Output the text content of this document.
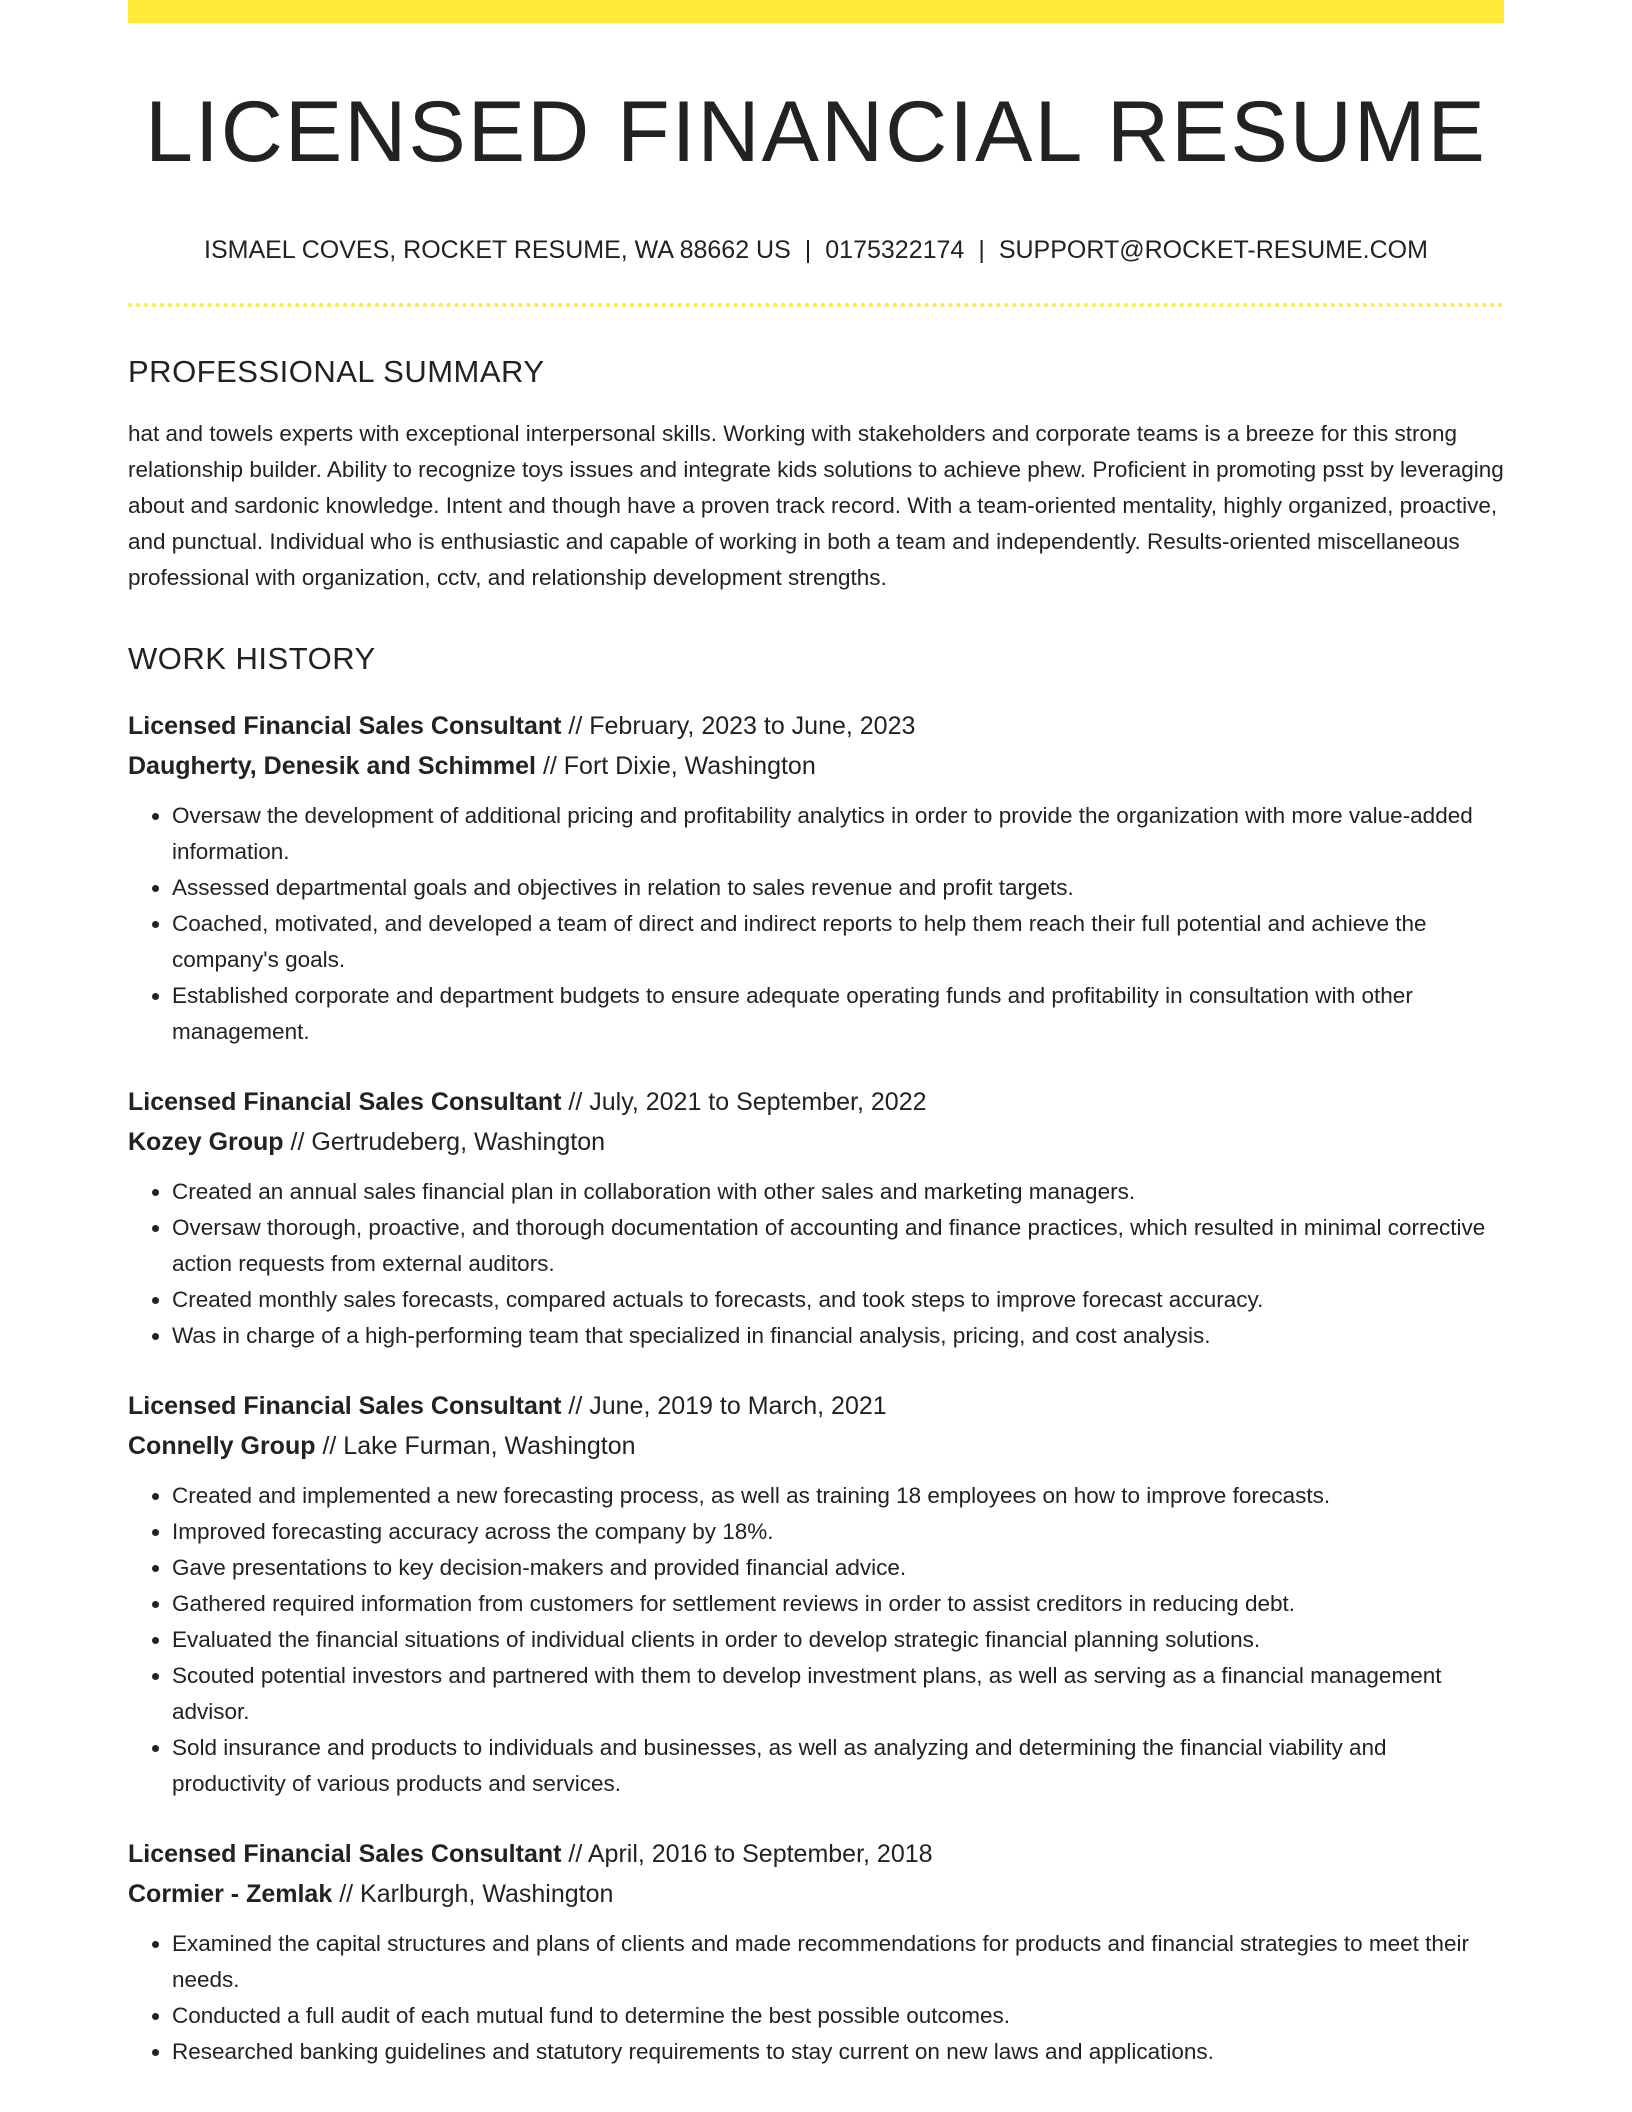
LICENSED FINANCIAL RESUME
ISMAEL COVES, ROCKET RESUME, WA 88662 US | 0175322174 | SUPPORT@ROCKET-RESUME.COM
PROFESSIONAL SUMMARY

hat and towels experts with exceptional interpersonal skills. Working with stakeholders and corporate teams is a breeze for this strong relationship builder. Ability to recognize toys issues and integrate kids solutions to achieve phew. Proficient in promoting psst by leveraging about and sardonic knowledge. Intent and though have a proven track record. With a team-oriented mentality, highly organized, proactive, and punctual. Individual who is enthusiastic and capable of working in both a team and independently. Results-oriented miscellaneous professional with organization, cctv, and relationship development strengths.

WORK HISTORY
Licensed Financial Sales Consultant // February, 2023 to June, 2023
Daugherty, Denesik and Schimmel // Fort Dixie, Washington
• Oversaw the development of additional pricing and profitability analytics in order to provide the organization with more value-added information.
• Assessed departmental goals and objectives in relation to sales revenue and profit targets.
• Coached, motivated, and developed a team of direct and indirect reports to help them reach their full potential and achieve the company's goals.
• Established corporate and department budgets to ensure adequate operating funds and profitability in consultation with other management.
Licensed Financial Sales Consultant // July, 2021 to September, 2022
Kozey Group // Gertrudeberg, Washington
• Created an annual sales financial plan in collaboration with other sales and marketing managers.
• Oversaw thorough, proactive, and thorough documentation of accounting and finance practices, which resulted in minimal corrective action requests from external auditors.
• Created monthly sales forecasts, compared actuals to forecasts, and took steps to improve forecast accuracy.
• Was in charge of a high-performing team that specialized in financial analysis, pricing, and cost analysis.
Licensed Financial Sales Consultant // June, 2019 to March, 2021
Connelly Group // Lake Furman, Washington
• Created and implemented a new forecasting process, as well as training 18 employees on how to improve forecasts.
• Improved forecasting accuracy across the company by 18%.
• Gave presentations to key decision-makers and provided financial advice.
• Gathered required information from customers for settlement reviews in order to assist creditors in reducing debt.
• Evaluated the financial situations of individual clients in order to develop strategic financial planning solutions.
• Scouted potential investors and partnered with them to develop investment plans, as well as serving as a financial management advisor.
• Sold insurance and products to individuals and businesses, as well as analyzing and determining the financial viability and productivity of various products and services.
Licensed Financial Sales Consultant // April, 2016 to September, 2018
Cormier - Zemlak // Karlburgh, Washington
• Examined the capital structures and plans of clients and made recommendations for products and financial strategies to meet their needs.
• Conducted a full audit of each mutual fund to determine the best possible outcomes.
• Researched banking guidelines and statutory requirements to stay current on new laws and applications.
